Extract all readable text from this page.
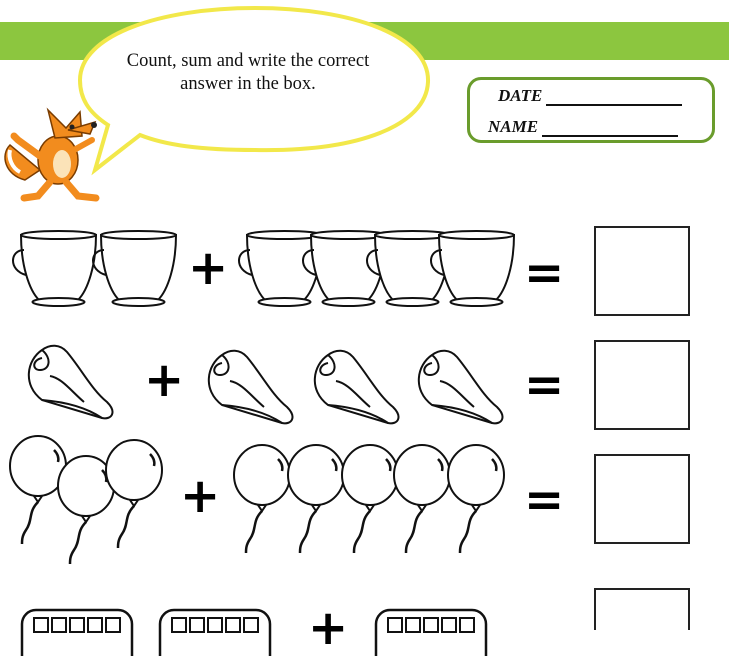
Count, sum and write the correct answer in the box.
DATE
NAME
+	=
+	=
+	=
+
